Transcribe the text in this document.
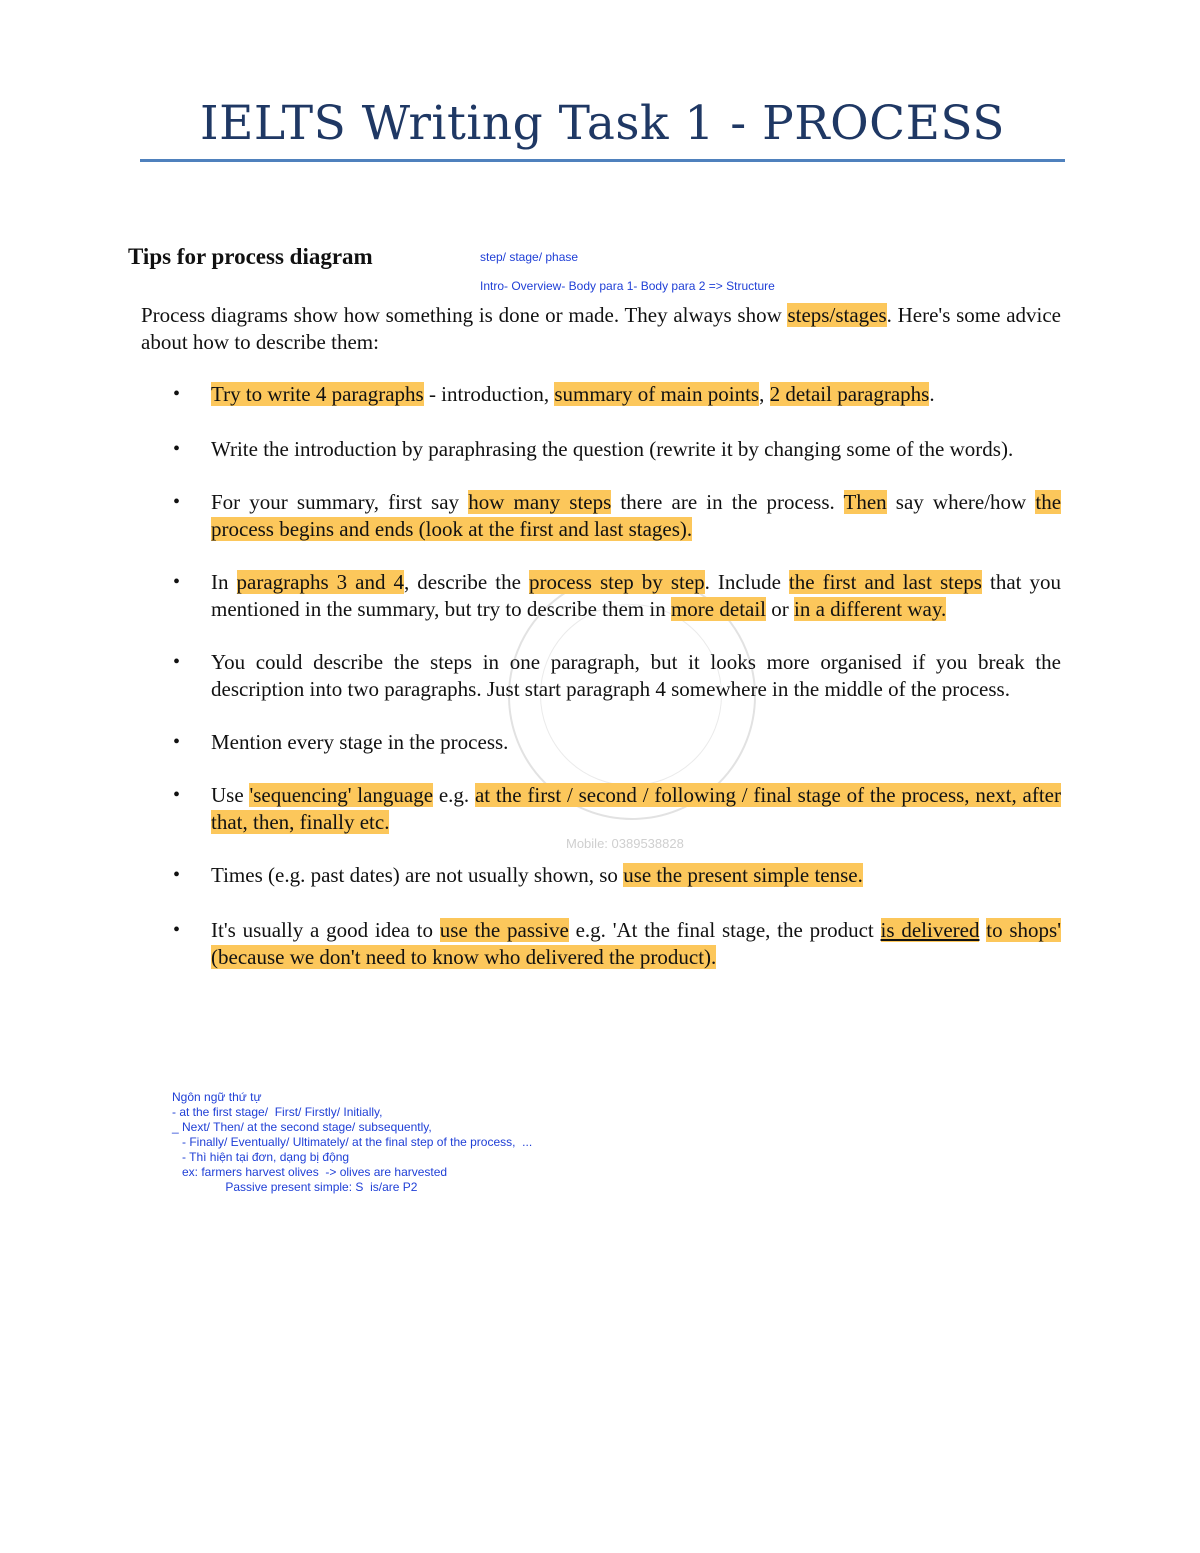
IELTS Writing Task 1 - PROCESS
Tips for process diagram	step/ stage/ phase
Intro- Overview- Body para 1- Body para 2 => Structure
Mobile: 0389538828
Process diagrams show how something is done or made. They always show steps/stages. Here's some advice about how to describe them:
• Try to write 4 paragraphs - introduction, summary of main points, 2 detail paragraphs.
• Write the introduction by paraphrasing the question (rewrite it by changing some of the words).
• For your summary, first say how many steps there are in the process. Then say where/how the process begins and ends (look at the first and last stages).
• In paragraphs 3 and 4, describe the process step by step. Include the first and last steps that you mentioned in the summary, but try to describe them in more detail or in a different way.
• You could describe the steps in one paragraph, but it looks more organised if you break the description into two paragraphs. Just start paragraph 4 somewhere in the middle of the process.
• Mention every stage in the process.
• Use 'sequencing' language e.g. at the first / second / following / final stage of the process, next, after that, then, finally etc.
• Times (e.g. past dates) are not usually shown, so use the present simple tense.
• It's usually a good idea to use the passive e.g. 'At the final stage, the product is delivered to shops' (because we don't need to know who delivered the product).
Ngôn ngữ thứ tự
- at the first stage/  First/ Firstly/ Initially,
_ Next/ Then/ at the second stage/ subsequently,
- Finally/ Eventually/ Ultimately/ at the final step of the process,  ...
- Thì hiện tại đơn, dạng bị động
ex: farmers harvest olives  -> olives are harvested
Passive present simple: S  is/are P2
